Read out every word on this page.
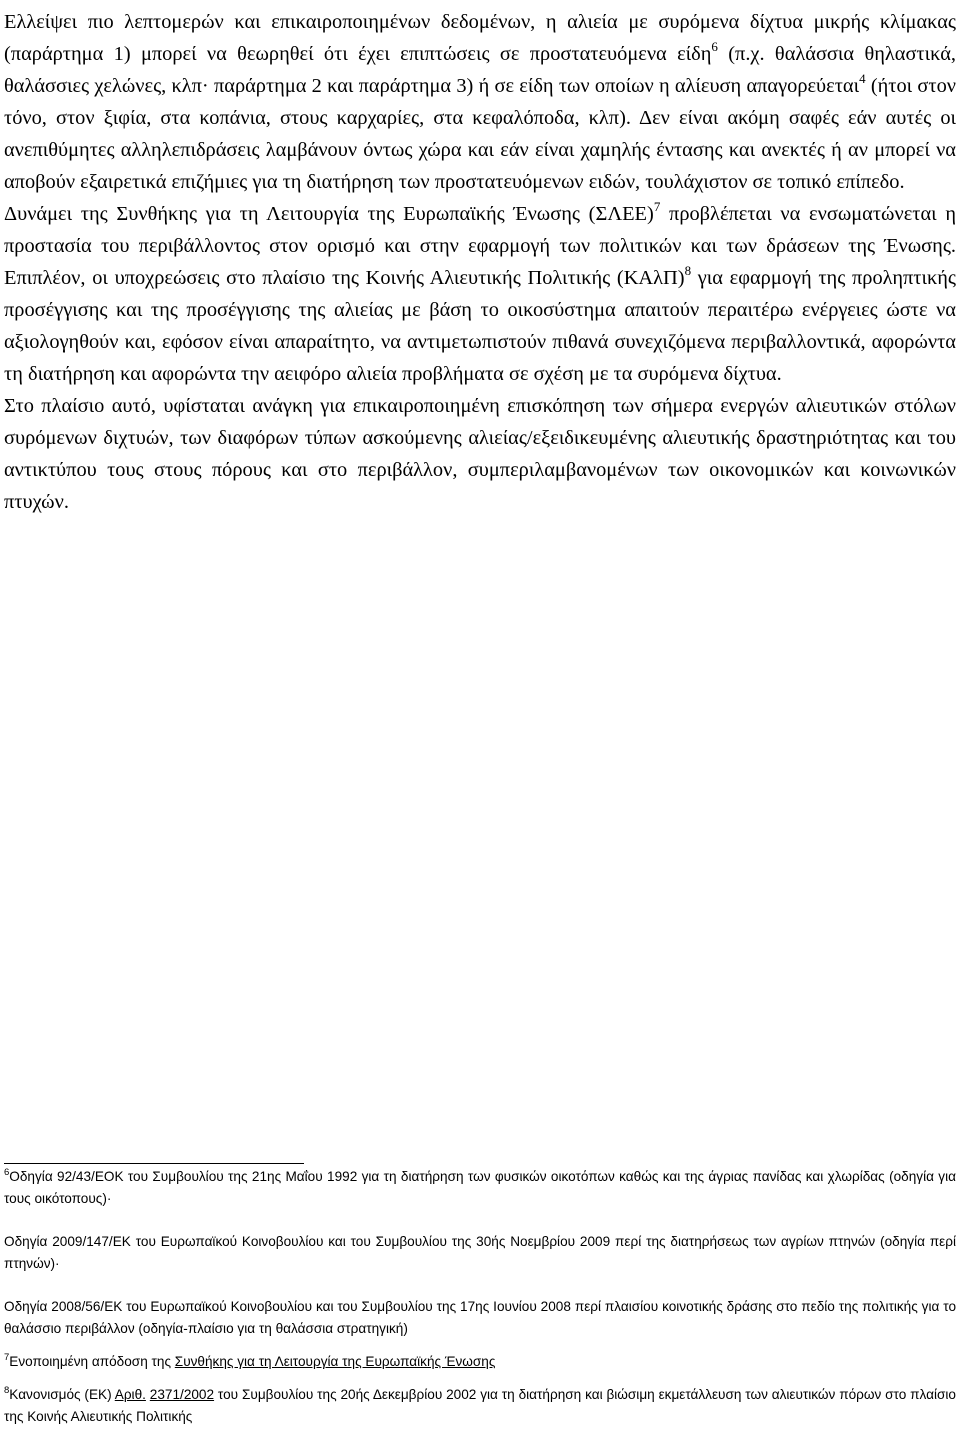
Ελλείψει πιο λεπτομερών και επικαιροποιημένων δεδομένων, η αλιεία με συρόμενα δίχτυα μικρής κλίμακας (παράρτημα 1) μπορεί να θεωρηθεί ότι έχει επιπτώσεις σε προστατευόμενα είδη$^6$ (π.χ. θαλάσσια θηλαστικά, θαλάσσιες χελώνες, κλπ· παράρτημα 2 και παράρτημα 3) ή σε είδη των οποίων η αλίευση απαγορεύεται$^4$ (ήτοι στον τόνο, στον ξιφία, στα κοπάνια, στους καρχαρίες, στα κεφαλόποδα, κλπ). Δεν είναι ακόμη σαφές εάν αυτές οι ανεπιθύμητες αλληλεπιδράσεις λαμβάνουν όντως χώρα και εάν είναι χαμηλής έντασης και ανεκτές ή αν μπορεί να αποβούν εξαιρετικά επιζήμιες για τη διατήρηση των προστατευόμενων ειδών, τουλάχιστον σε τοπικό επίπεδο.

Δυνάμει της Συνθήκης για τη Λειτουργία της Ευρωπαϊκής Ένωσης $(\Sigma\Lambda EE)^7$ προβλέπεται να ενσωματώνεται η προστασία του περιβάλλοντος στον ορισμό και στην εφαρμογή των πολιτικών και των δράσεων της Ένωσης. Επιπλέον, οι υποχρεώσεις στο πλαίσιο της Κοινής Αλιευτικής Πολιτικής $(KA\lambda\Pi)^8$ για εφαρμογή της προληπτικής προσέγγισης και της προσέγγισης της αλιείας με βάση το οικοσύστημα απαιτούν περαιτέρω ενέργειες ώστε να αξιολογηθούν και, εφόσον είναι απαραίτητο, να αντιμετωπιστούν πιθανά συνεχιζόμενα περιβαλλοντικά, αφορώντα τη διατήρηση και αφορώντα την αειφόρο αλιεία προβλήματα σε σχέση με τα συρόμενα δίχτυα.

Στο πλαίσιο αυτό, υφίσταται ανάγκη για επικαιροποιημένη επισκόπηση των σήμερα ενεργών αλιευτικών στόλων συρόμενων διχτυών, των διαφόρων τύπων ασκούμενης αλιείας/εξειδικευμένης αλιευτικής δραστηριότητας και του αντικτύπου τους στους πόρους και στο περιβάλλον, συμπεριλαμβανομένων των οικονομικών και κοινωνικών πτυχών.

$^6$Οδηγία 92/43/ΕΟΚ του Συμβουλίου της 21ης Μαΐου 1992 για τη διατήρηση των φυσικών οικοτόπων καθώς και της άγριας πανίδας και χλωρίδας (οδηγία για τους οικότοπους)·

Οδηγία 2009/147/ΕΚ του Ευρωπαϊκού Κοινοβουλίου και του Συμβουλίου της 30ής Νοεμβρίου 2009 περί της διατηρήσεως των αγρίων πτηνών (οδηγία περί πτηνών)·

Οδηγία 2008/56/ΕΚ του Ευρωπαϊκού Κοινοβουλίου και του Συμβουλίου της 17ης Ιουνίου 2008 περί πλαισίου κοινοτικής δράσης στο πεδίο της πολιτικής για το θαλάσσιο περιβάλλον (οδηγία-πλαίσιο για τη θαλάσσια στρατηγική)

$^7$Ενοποιημένη απόδοση της Συνθήκης για τη Λειτουργία της Ευρωπαϊκής Ένωσης

$^8$Κανονισμός (ΕΚ) Αριθ. 2371/2002 του Συμβουλίου της 20ής Δεκεμβρίου 2002 για τη διατήρηση και βιώσιμη εκμετάλλευση των αλιευτικών πόρων στο πλαίσιο της Κοινής Αλιευτικής Πολιτικής
